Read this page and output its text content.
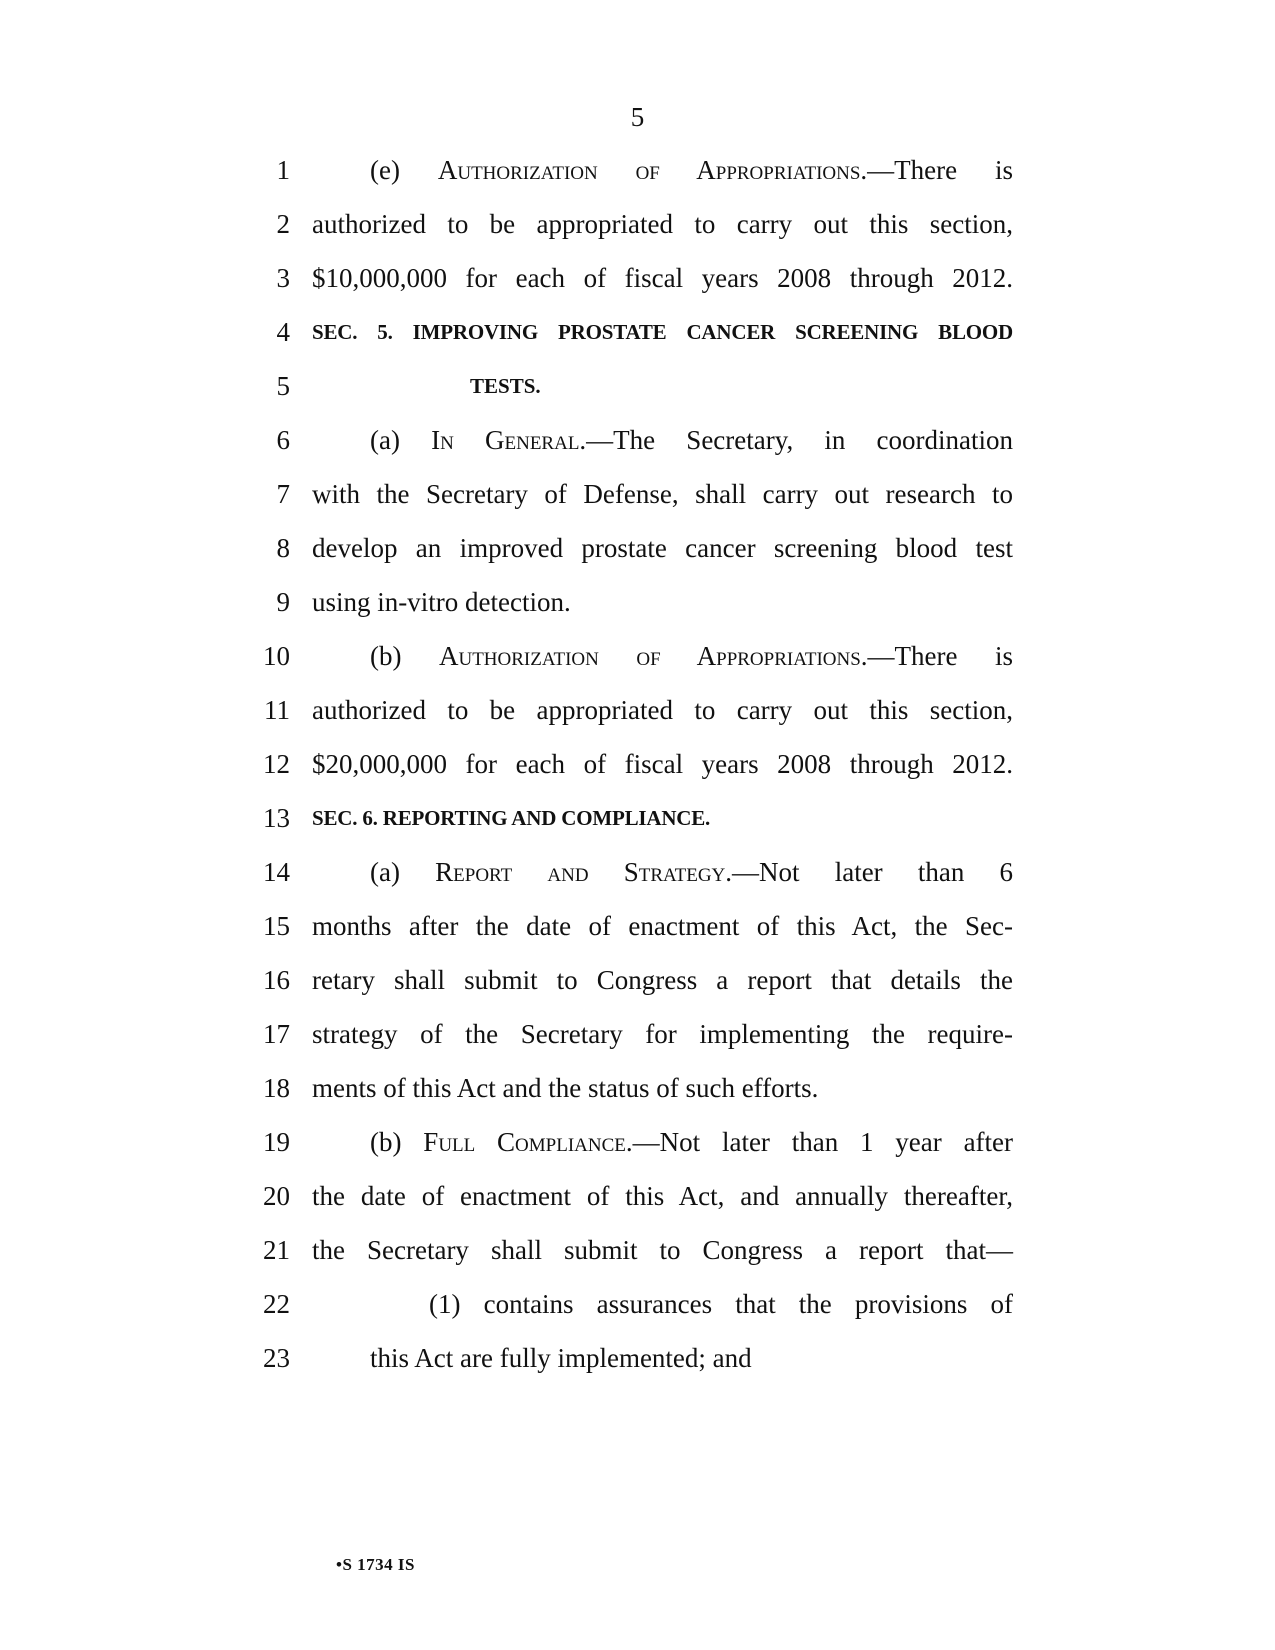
5
1	(e) Authorization of Appropriations.—There is
2 authorized to be appropriated to carry out this section,
3 $10,000,000 for each of fiscal years 2008 through 2012.
4 SEC. 5. IMPROVING PROSTATE CANCER SCREENING BLOOD
5	TESTS.
6	(a) In General.—The Secretary, in coordination
7 with the Secretary of Defense, shall carry out research to
8 develop an improved prostate cancer screening blood test
9 using in-vitro detection.
10	(b) Authorization of Appropriations.—There is
11 authorized to be appropriated to carry out this section,
12 $20,000,000 for each of fiscal years 2008 through 2012.
13 SEC. 6. REPORTING AND COMPLIANCE.
14	(a) Report and Strategy.—Not later than 6
15 months after the date of enactment of this Act, the Sec-
16 retary shall submit to Congress a report that details the
17 strategy of the Secretary for implementing the require-
18 ments of this Act and the status of such efforts.
19	(b) Full Compliance.—Not later than 1 year after
20 the date of enactment of this Act, and annually thereafter,
21 the Secretary shall submit to Congress a report that—
22	(1) contains assurances that the provisions of
23	this Act are fully implemented; and
•S 1734 IS
